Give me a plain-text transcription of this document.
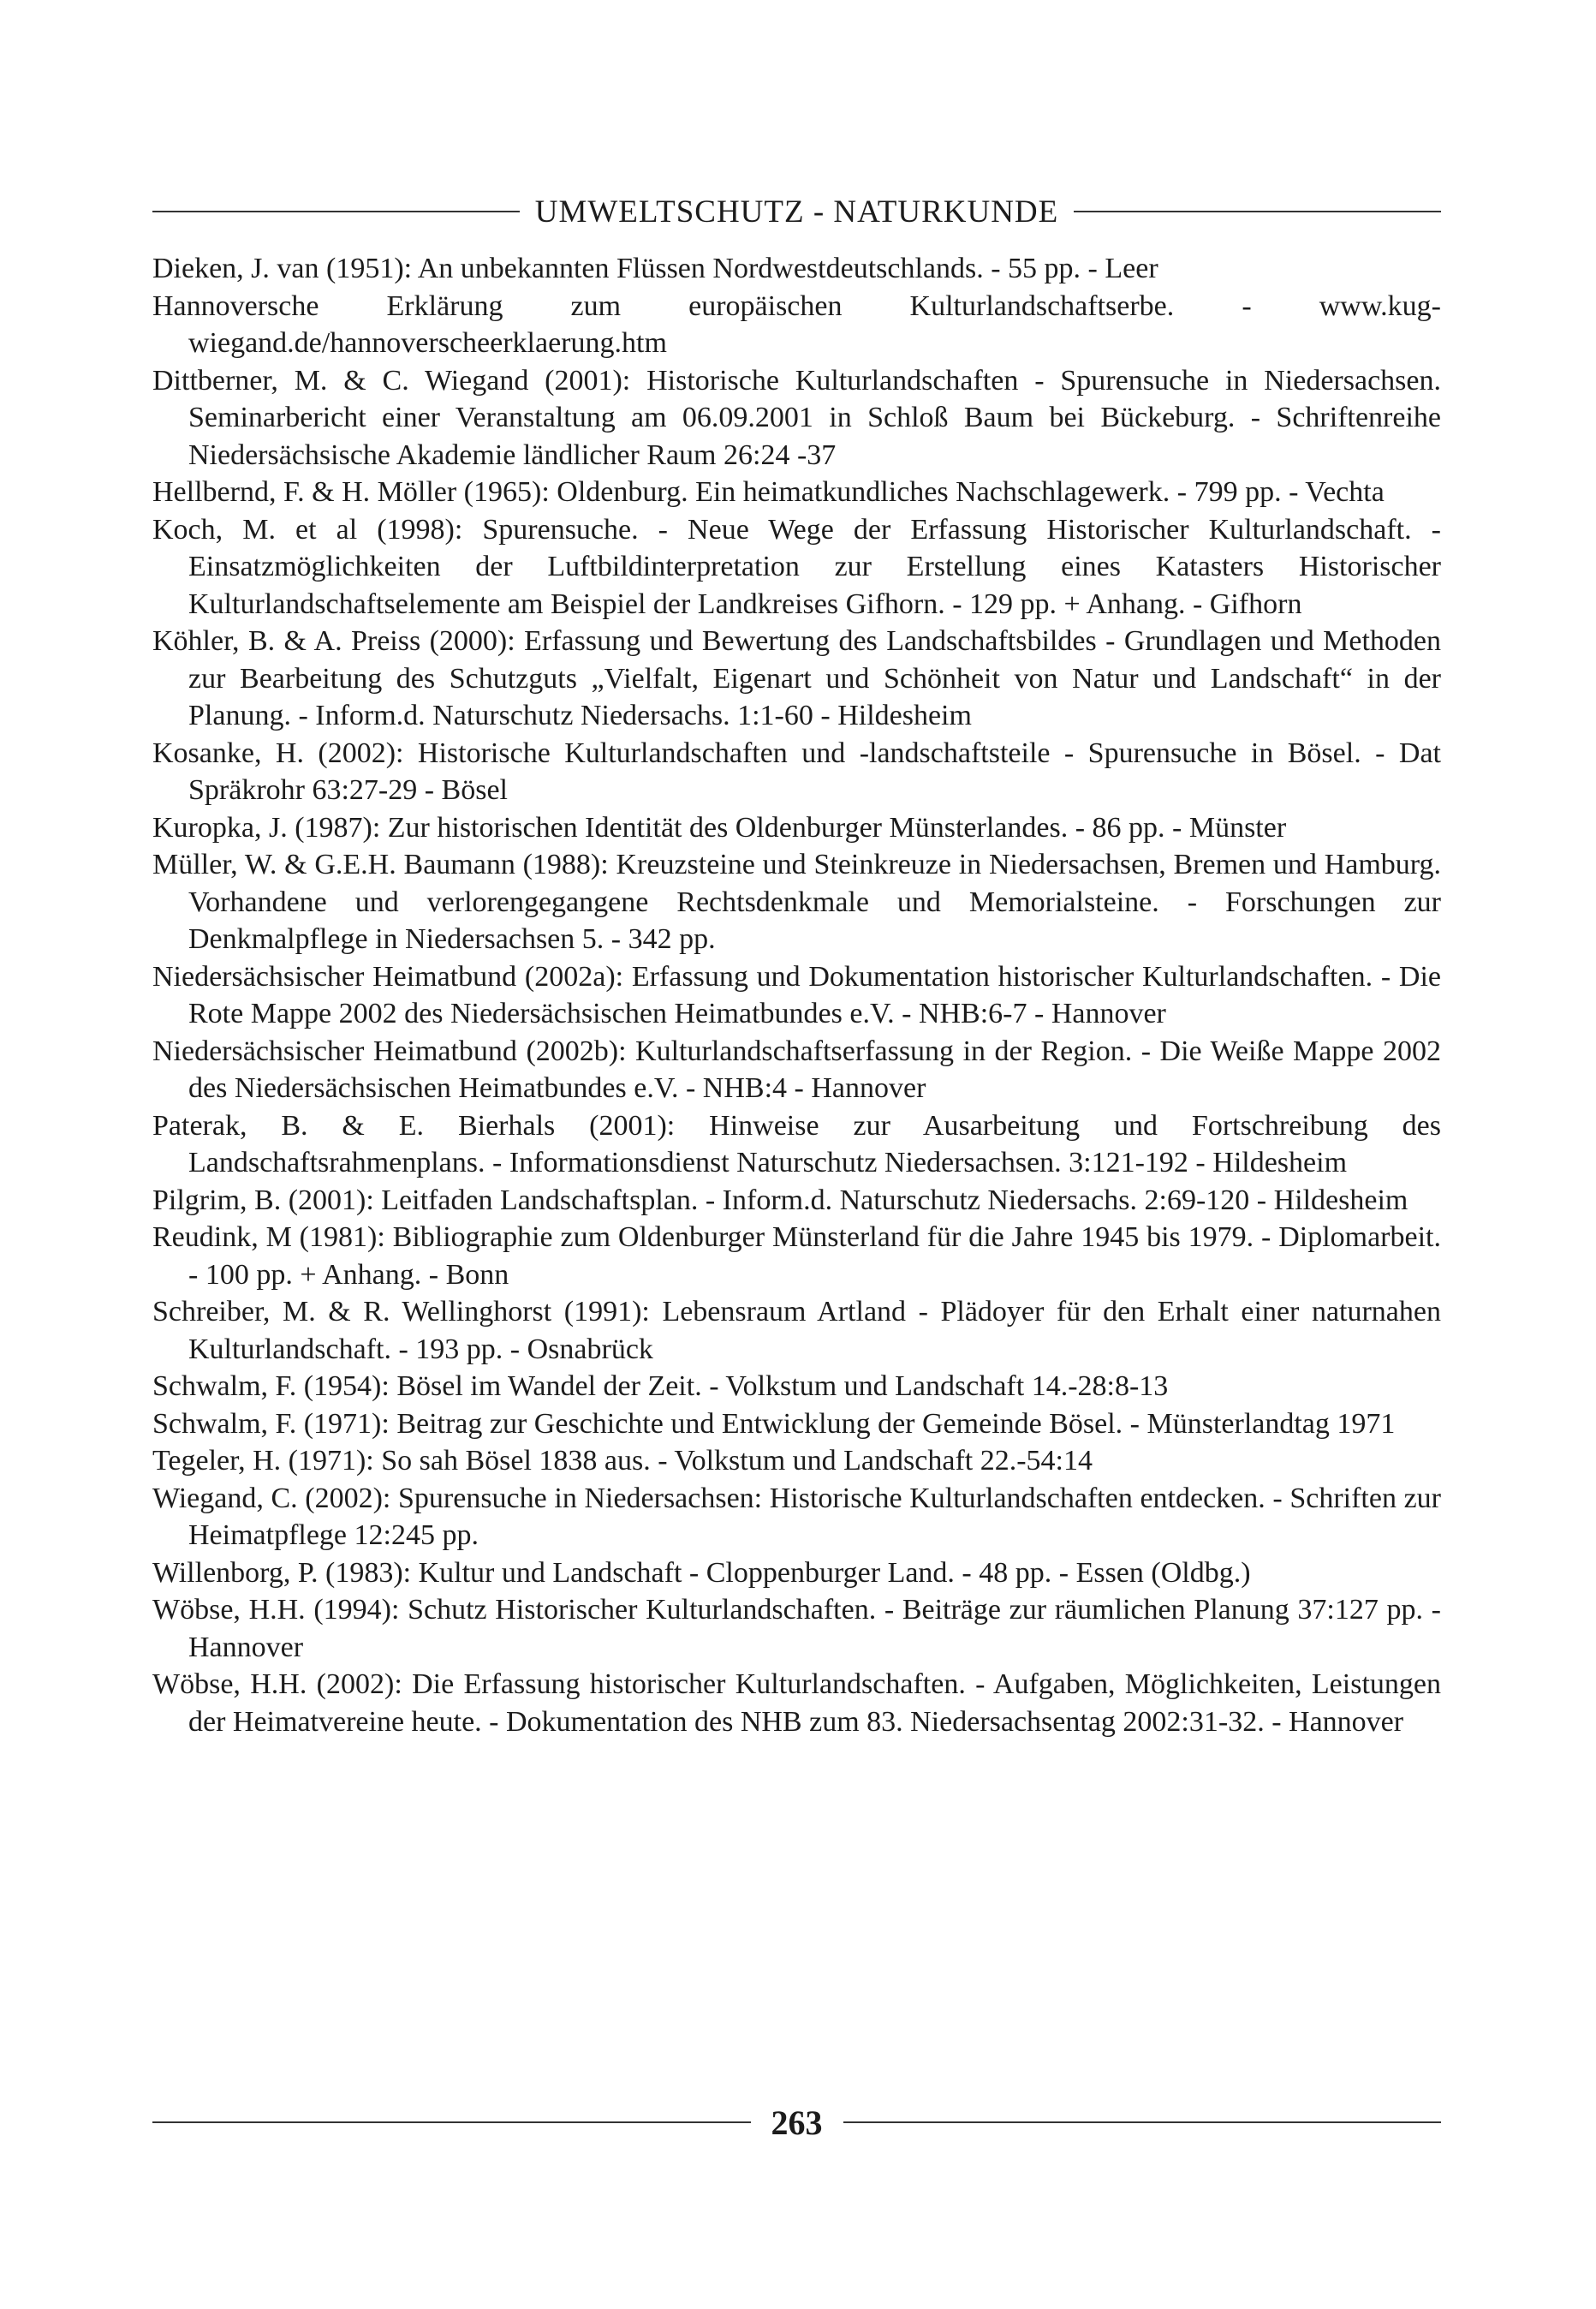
UMWELTSCHUTZ - NATURKUNDE

Dieken, J. van (1951): An unbekannten Flüssen Nordwestdeutschlands. - 55 pp. - Leer

Hannoversche Erklärung zum europäischen Kulturlandschaftserbe. - www.kug-wiegand.de/hannoverscheerklaerung.htm

Dittberner, M. & C. Wiegand (2001): Historische Kulturlandschaften - Spurensuche in Niedersachsen. Seminarbericht einer Veranstaltung am 06.09.2001 in Schloß Baum bei Bückeburg. - Schriftenreihe Niedersächsische Akademie ländlicher Raum 26:24 -37

Hellbernd, F. & H. Möller (1965): Oldenburg. Ein heimatkundliches Nachschlagewerk. - 799 pp. - Vechta

Koch, M. et al (1998): Spurensuche. - Neue Wege der Erfassung Historischer Kulturlandschaft. - Einsatzmöglichkeiten der Luftbildinterpretation zur Erstellung eines Katasters Historischer Kulturlandschaftselemente am Beispiel der Landkreises Gifhorn. - 129 pp. + Anhang. - Gifhorn

Köhler, B. & A. Preiss (2000): Erfassung und Bewertung des Landschaftsbildes - Grundlagen und Methoden zur Bearbeitung des Schutzguts „Vielfalt, Eigenart und Schönheit von Natur und Landschaft“ in der Planung. - Inform.d. Naturschutz Niedersachs. 1:1-60 - Hildesheim

Kosanke, H. (2002): Historische Kulturlandschaften und -landschaftsteile - Spurensuche in Bösel. - Dat Spräkrohr 63:27-29 - Bösel

Kuropka, J. (1987): Zur historischen Identität des Oldenburger Münsterlandes. - 86 pp. - Münster

Müller, W. & G.E.H. Baumann (1988): Kreuzsteine und Steinkreuze in Niedersachsen, Bremen und Hamburg. Vorhandene und verlorengegangene Rechtsdenkmale und Memorialsteine. - Forschungen zur Denkmalpflege in Niedersachsen 5. - 342 pp.

Niedersächsischer Heimatbund (2002a): Erfassung und Dokumentation historischer Kulturlandschaften. - Die Rote Mappe 2002 des Niedersächsischen Heimatbundes e.V. - NHB:6-7 - Hannover

Niedersächsischer Heimatbund (2002b): Kulturlandschaftserfassung in der Region. - Die Weiße Mappe 2002 des Niedersächsischen Heimatbundes e.V. - NHB:4 - Hannover

Paterak, B. & E. Bierhals (2001): Hinweise zur Ausarbeitung und Fortschreibung des Landschaftsrahmenplans. - Informationsdienst Naturschutz Niedersachsen. 3:121-192 - Hildesheim

Pilgrim, B. (2001): Leitfaden Landschaftsplan. - Inform.d. Naturschutz Niedersachs. 2:69-120 - Hildesheim

Reudink, M (1981): Bibliographie zum Oldenburger Münsterland für die Jahre 1945 bis 1979. - Diplomarbeit. - 100 pp. + Anhang. - Bonn

Schreiber, M. & R. Wellinghorst (1991): Lebensraum Artland - Plädoyer für den Erhalt einer naturnahen Kulturlandschaft. - 193 pp. - Osnabrück

Schwalm, F. (1954): Bösel im Wandel der Zeit. - Volkstum und Landschaft 14.-28:8-13

Schwalm, F. (1971): Beitrag zur Geschichte und Entwicklung der Gemeinde Bösel. - Münsterlandtag 1971

Tegeler, H. (1971): So sah Bösel 1838 aus. - Volkstum und Landschaft 22.-54:14

Wiegand, C. (2002): Spurensuche in Niedersachsen: Historische Kulturlandschaften entdecken. - Schriften zur Heimatpflege 12:245 pp.

Willenborg, P. (1983): Kultur und Landschaft - Cloppenburger Land. - 48 pp. - Essen (Oldbg.)

Wöbse, H.H. (1994): Schutz Historischer Kulturlandschaften. - Beiträge zur räumlichen Planung 37:127 pp. - Hannover

Wöbse, H.H. (2002): Die Erfassung historischer Kulturlandschaften. - Aufgaben, Möglichkeiten, Leistungen der Heimatvereine heute. - Dokumentation des NHB zum 83. Niedersachsentag 2002:31-32. - Hannover

263
